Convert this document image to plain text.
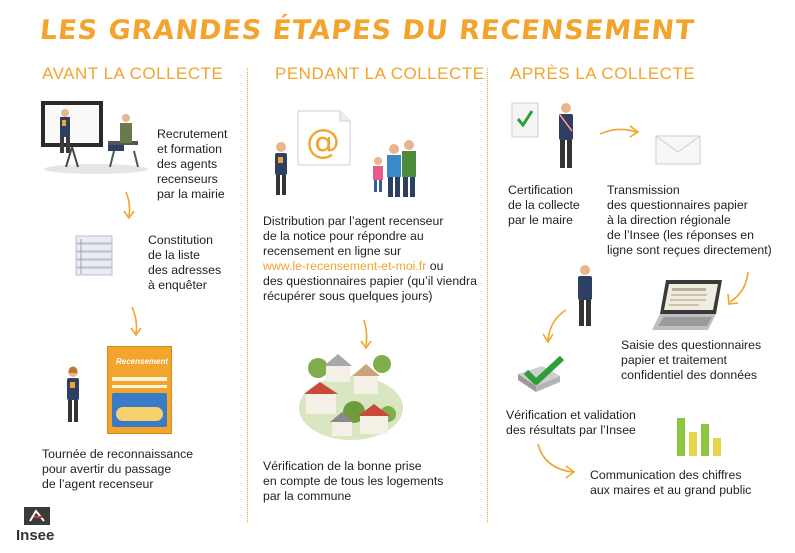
LES GRANDES ÉTAPES DU RECENSEMENT
AVANT LA COLLECTE	PENDANT LA COLLECTE APRÈS LA COLLECTE
Recrutement
et formation
des agents
recenseurs
par la mairie
Constitution
de la liste
des adresses
à enquêter
Recensement
Tournée de reconnaissance
pour avertir du passage
de l’agent recenseur
@
Distribution par l’agent recenseur
de la notice pour répondre au
recensement en ligne sur
www.le-recensement-et-moi.fr ou
des questionnaires papier (qu’il viendra
récupérer sous quelques jours)
Vérification de la bonne prise
en compte de tous les logements
par la commune
Certification
de la collecte
par le maire
Transmission
des questionnaires papier
à la direction régionale
de l’Insee (les réponses en
ligne sont reçues directement)
Saisie des questionnaires
papier et traitement
confidentiel des données
Vérification et validation
des résultats par l’Insee
Communication des chiffres
aux maires et au grand public
Insee
